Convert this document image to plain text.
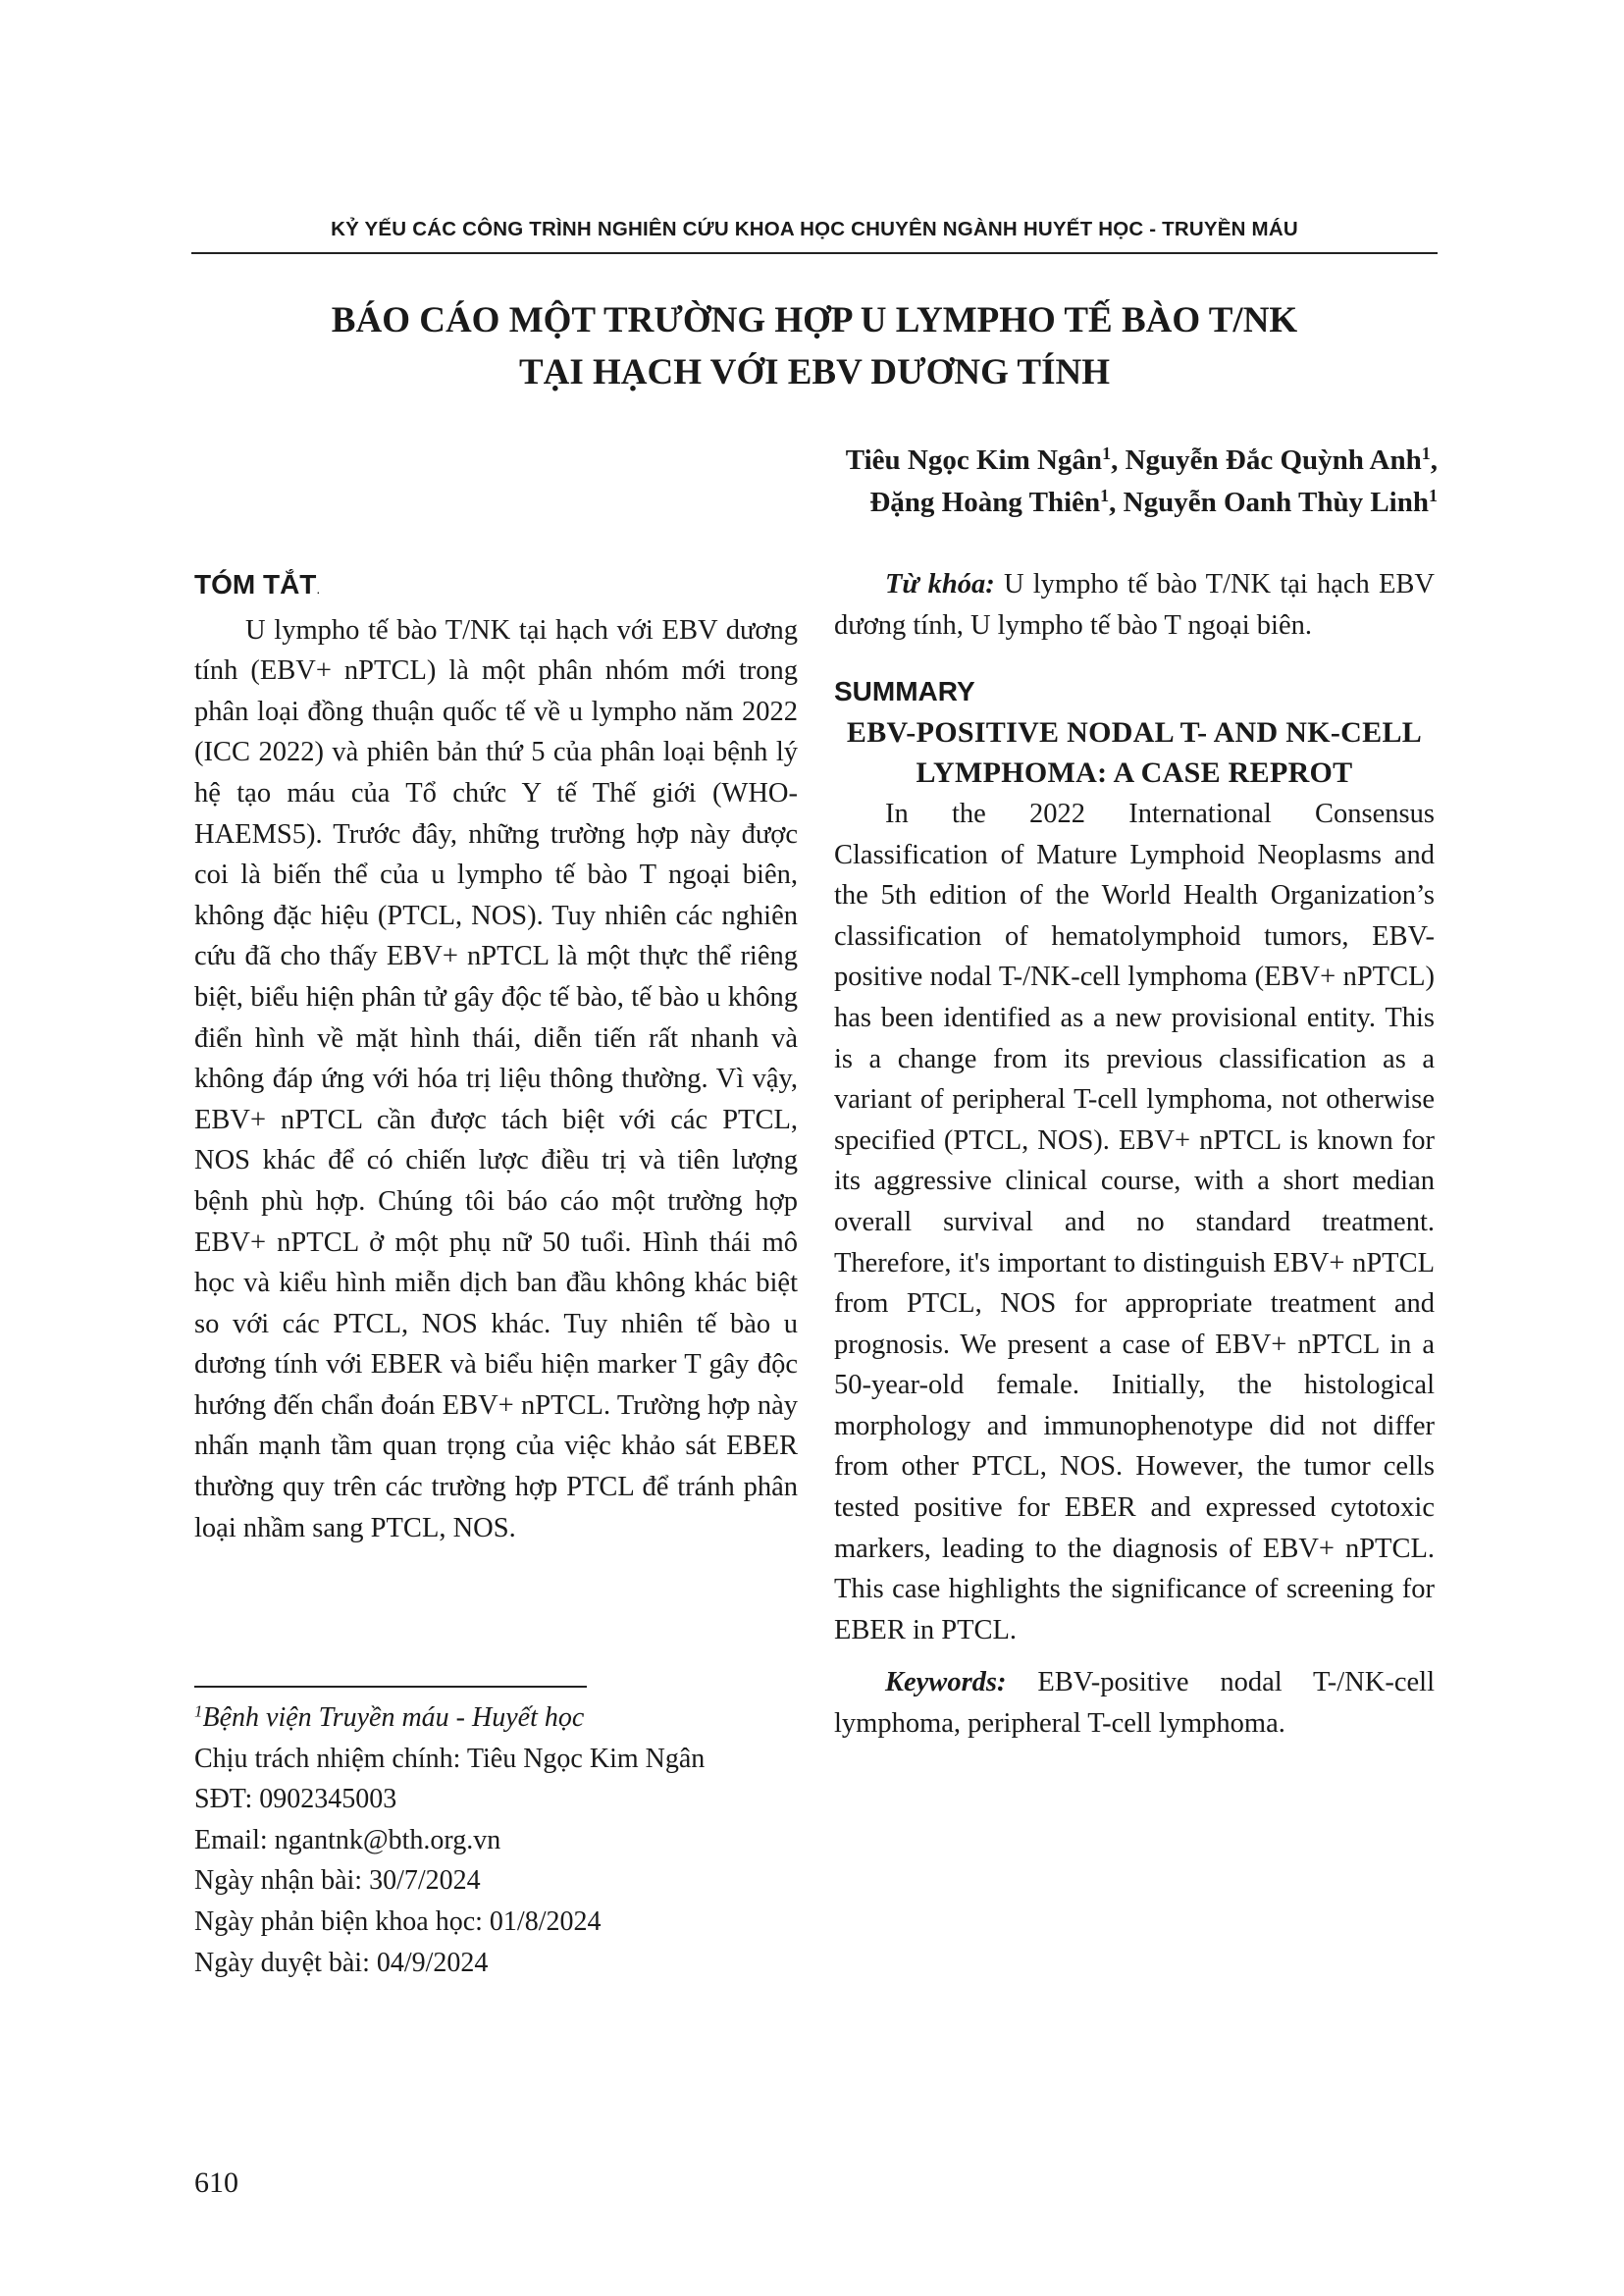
KỶ YẾU CÁC CÔNG TRÌNH NGHIÊN CỨU KHOA HỌC CHUYÊN NGÀNH HUYẾT HỌC - TRUYỀN MÁU
BÁO CÁO MỘT TRƯỜNG HỢP U LYMPHO TẾ BÀO T/NK
TẠI HẠCH VỚI EBV DƯƠNG TÍNH
Tiêu Ngọc Kim Ngân$^1$, Nguyễn Đắc Quỳnh Anh$^1$,
Đặng Hoàng Thiên$^1$, Nguyễn Oanh Thùy Linh$^1$
TÓM TẮT.

U lympho tế bào T/NK tại hạch với EBV dương tính (EBV+ nPTCL) là một phân nhóm mới trong phân loại đồng thuận quốc tế về u lympho năm 2022 (ICC 2022) và phiên bản thứ 5 của phân loại bệnh lý hệ tạo máu của Tổ chức Y tế Thế giới (WHO-HAEMS5). Trước đây, những trường hợp này được coi là biến thể của u lympho tế bào T ngoại biên, không đặc hiệu (PTCL, NOS). Tuy nhiên các nghiên cứu đã cho thấy EBV+ nPTCL là một thực thể riêng biệt, biểu hiện phân tử gây độc tế bào, tế bào u không điển hình về mặt hình thái, diễn tiến rất nhanh và không đáp ứng với hóa trị liệu thông thường. Vì vậy, EBV+ nPTCL cần được tách biệt với các PTCL, NOS khác để có chiến lược điều trị và tiên lượng bệnh phù hợp. Chúng tôi báo cáo một trường hợp EBV+ nPTCL ở một phụ nữ 50 tuổi. Hình thái mô học và kiểu hình miễn dịch ban đầu không khác biệt so với các PTCL, NOS khác. Tuy nhiên tế bào u dương tính với EBER và biểu hiện marker T gây độc hướng đến chẩn đoán EBV+ nPTCL. Trường hợp này nhấn mạnh tầm quan trọng của việc khảo sát EBER thường quy trên các trường hợp PTCL để tránh phân loại nhầm sang PTCL, NOS.

$^1$Bệnh viện Truyền máu - Huyết học
Chịu trách nhiệm chính: Tiêu Ngọc Kim Ngân
SĐT: 0902345003
Email: ngantnk@bth.org.vn
Ngày nhận bài: 30/7/2024
Ngày phản biện khoa học: 01/8/2024
Ngày duyệt bài: 04/9/2024

Từ khóa: U lympho tế bào T/NK tại hạch EBV dương tính, U lympho tế bào T ngoại biên.

SUMMARY
EBV-POSITIVE NODAL T- AND NK-CELL LYMPHOMA: A CASE REPROT

In the 2022 International Consensus Classification of Mature Lymphoid Neoplasms and the 5th edition of the World Health Organization’s classification of hematolymphoid tumors, EBV-positive nodal T-/NK-cell lymphoma (EBV+ nPTCL) has been identified as a new provisional entity. This is a change from its previous classification as a variant of peripheral T-cell lymphoma, not otherwise specified (PTCL, NOS). EBV+ nPTCL is known for its aggressive clinical course, with a short median overall survival and no standard treatment. Therefore, it's important to distinguish EBV+ nPTCL from PTCL, NOS for appropriate treatment and prognosis. We present a case of EBV+ nPTCL in a 50-year-old female. Initially, the histological morphology and immunophenotype did not differ from other PTCL, NOS. However, the tumor cells tested positive for EBER and expressed cytotoxic markers, leading to the diagnosis of EBV+ nPTCL. This case highlights the significance of screening for EBER in PTCL.

Keywords: EBV-positive nodal T-/NK-cell lymphoma, peripheral T-cell lymphoma.

610
